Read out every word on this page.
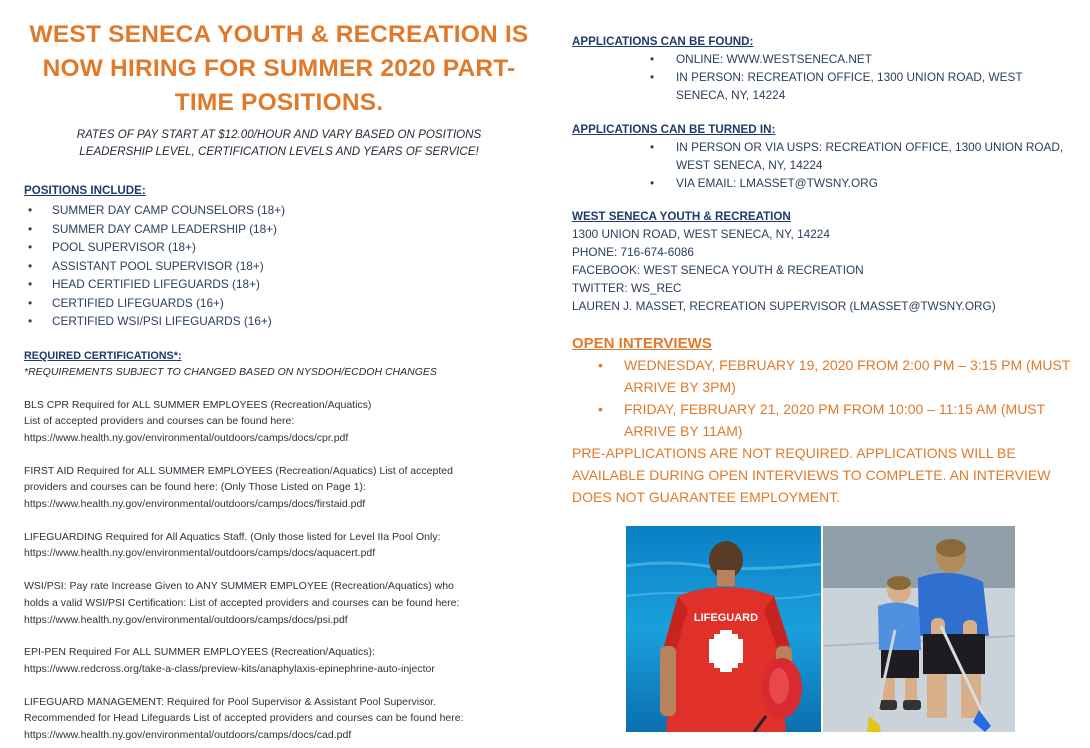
WEST SENECA YOUTH & RECREATION IS
NOW HIRING FOR SUMMER 2020 PART-
TIME POSITIONS.

RATES OF PAY START AT $12.00/HOUR AND VARY BASED ON POSITIONS
LEADERSHIP LEVEL, CERTIFICATION LEVELS AND YEARS OF SERVICE!

POSITIONS INCLUDE:

• SUMMER DAY CAMP COUNSELORS (18+)
• SUMMER DAY CAMP LEADERSHIP (18+)
• POOL SUPERVISOR (18+)
• ASSISTANT POOL SUPERVISOR (18+)
• HEAD CERTIFIED LIFEGUARDS (18+)
• CERTIFIED LIFEGUARDS (16+)
• CERTIFIED WSI/PSI LIFEGUARDS (16+)

REQUIRED CERTIFICATIONS*:

*REQUIREMENTS SUBJECT TO CHANGED BASED ON NYSDOH/ECDOH CHANGES

BLS CPR Required for ALL SUMMER EMPLOYEES (Recreation/Aquatics)
List of accepted providers and courses can be found here:
https://www.health.ny.gov/environmental/outdoors/camps/docs/cpr.pdf

FIRST AID Required for ALL SUMMER EMPLOYEES (Recreation/Aquatics) List of accepted
providers and courses can be found here: (Only Those Listed on Page 1):
https://www.health.ny.gov/environmental/outdoors/camps/docs/firstaid.pdf

LIFEGUARDING Required for All Aquatics Staff. (Only those listed for Level IIa Pool Only:
https://www.health.ny.gov/environmental/outdoors/camps/docs/aquacert.pdf

WSI/PSI: Pay rate Increase Given to ANY SUMMER EMPLOYEE (Recreation/Aquatics) who
holds a valid WSI/PSI Certification: List of accepted providers and courses can be found here:
https://www.health.ny.gov/environmental/outdoors/camps/docs/psi.pdf

EPI-PEN Required For ALL SUMMER EMPLOYEES (Recreation/Aquatics):
https://www.redcross.org/take-a-class/preview-kits/anaphylaxis-epinephrine-auto-injector

LIFEGUARD MANAGEMENT: Required for Pool Supervisor & Assistant Pool Supervisor.
Recommended for Head Lifeguards List of accepted providers and courses can be found here:
https://www.health.ny.gov/environmental/outdoors/camps/docs/cad.pdf

APPLICATIONS CAN BE FOUND:

• ONLINE: WWW.WESTSENECA.NET
• IN PERSON: RECREATION OFFICE, 1300 UNION ROAD, WEST SENECA, NY, 14224

APPLICATIONS CAN BE TURNED IN:

• IN PERSON OR VIA USPS: RECREATION OFFICE, 1300 UNION ROAD, WEST SENECA, NY, 14224
• VIA EMAIL: LMASSET@TWSNY.ORG

WEST SENECA YOUTH & RECREATION

1300 UNION ROAD, WEST SENECA, NY, 14224

PHONE: 716-674-6086

FACEBOOK: WEST SENECA YOUTH & RECREATION

TWITTER: WS_REC

LAUREN J. MASSET, RECREATION SUPERVISOR (LMASSET@TWSNY.ORG)

OPEN INTERVIEWS

• WEDNESDAY, FEBRUARY 19, 2020 FROM 2:00 PM – 3:15 PM (MUST ARRIVE BY 3PM)
• FRIDAY, FEBRUARY 21, 2020 PM FROM 10:00 – 11:15 AM (MUST ARRIVE BY 11AM)

PRE-APPLICATIONS ARE NOT REQUIRED. APPLICATIONS WILL BE AVAILABLE DURING OPEN INTERVIEWS TO COMPLETE. AN INTERVIEW DOES NOT GUARANTEE EMPLOYMENT.

LIFEGUARD
